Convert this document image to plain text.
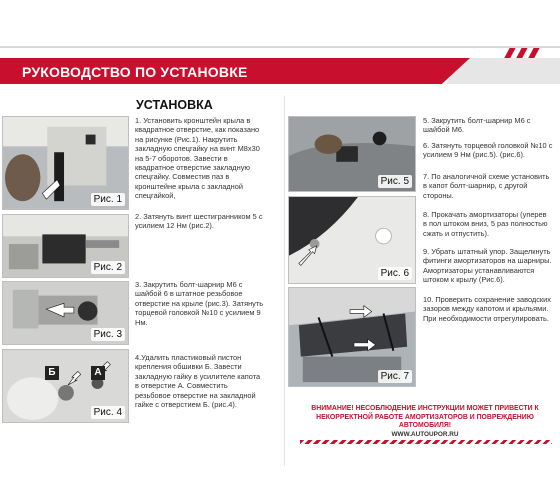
РУКОВОДСТВО ПО УСТАНОВКЕ
УСТАНОВКА
Рис. 1
Рис. 2
Рис. 3
Б	A
Рис. 4
1. Установить кронштейн крыла в
квадратное отверстие, как показано
на рисунке (Рис.1). Накрутить
закладную спецгайку на винт М8х30
на 5-7 оборотов. Завести в
квадратное отверстие закладную
спецгайку. Совместив паз в
кронштейне крыла с закладной
спецгайкой,
2. Затянуть винт шестигранником 5 с
усилием 12 Нм (рис.2).
3. Закрутить болт-шарнир М6 с
шайбой 6 в штатное резьбовое
отверстие на крыле (рис.3). Затянуть
торцевой головкой №10 с усилием 9
Нм.
4.Удалить пластиковый пистон
крепления обшивки Б. Завести
закладную гайку в усилителе капота
в отверстие А. Совместить
резьбовое отверстие на закладной
гайке с отверстием Б. (рис.4).
Рис. 5
Рис. 6
Рис. 7
5. Закрутить болт-шарнир М6 с
шайбой М6.
6. Затянуть торцевой головкой №10 с
усилием 9 Нм (рис.5). (рис.6).
7. По аналогичной схеме установить
в капот болт-шарнир, с другой
стороны.
8. Прокачать амортизаторы (уперев
в пол штоком вниз, 5 раз полностью
сжать и отпустить).
9. Убрать штатный упор. Защелкнуть
фитинги амортизаторов на шарниры.
Амортизаторы устанавливаются
штоком к крылу (Рис.6).
10. Проверить сохранение заводских
зазоров между капотом и крыльями.
При необходимости отрегулировать.
ВНИМАНИЕ! НЕСОБЛЮДЕНИЕ ИНСТРУКЦИИ МОЖЕТ ПРИВЕСТИ К
НЕКОРРЕКТНОЙ РАБОТЕ АМОРТИЗАТОРОВ И ПОВРЕЖДЕНИЮ
АВТОМОБИЛЯ!
WWW.AUTOUPOR.RU
